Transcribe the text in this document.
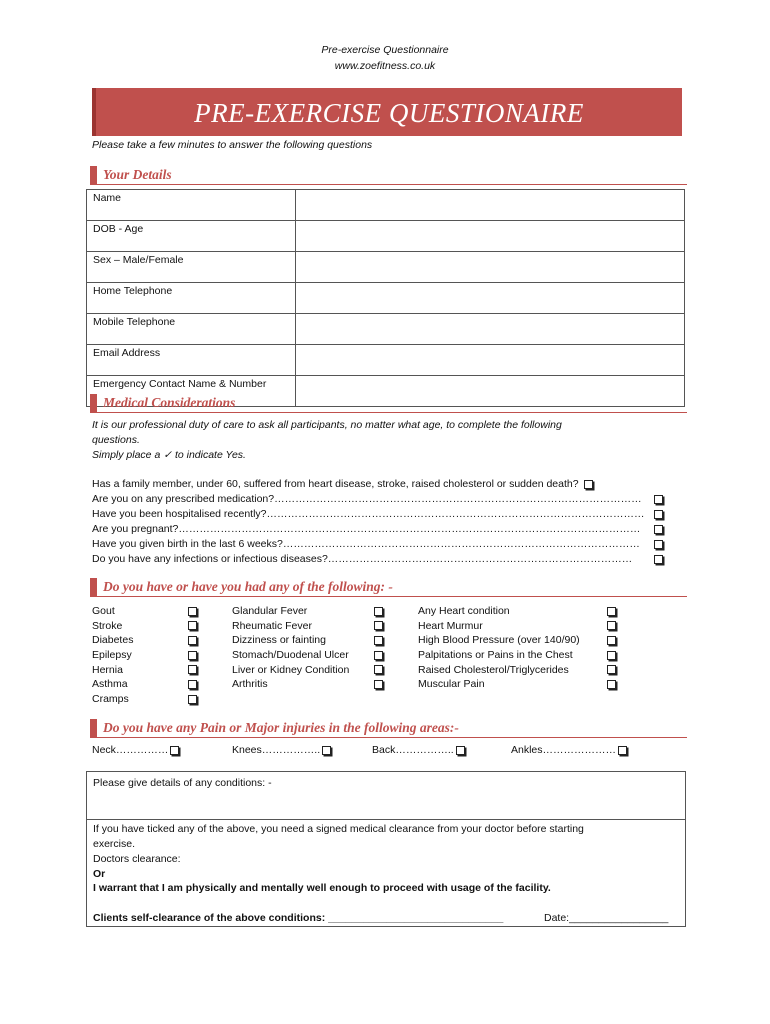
Pre-exercise Questionnaire
www.zoefitness.co.uk
PRE-EXERCISE QUESTIONAIRE
Please take a few minutes to answer the following questions
Your Details
Name	
DOB - Age	
Sex – Male/Female	
Home Telephone	
Mobile Telephone	
Email Address	
Emergency Contact Name & Number	
Medical Considerations
It is our professional duty of care to ask all participants, no matter what age, to complete the following
questions.
Simply place a ✓ to indicate Yes.
Has a family member, under 60, suffered from heart disease, stroke, raised cholesterol or sudden death?
Are you on any prescribed medication?……………………………………………………………………………………………
Have you been hospitalised recently?………………………………………………………………………………………………
Are you pregnant?……………………………………………………………………………………………………………………
Have you given birth in the last 6 weeks?…………………………………………………………………………………………
Do you have any infections or infectious diseases?……………………………………………………………………………
Do you have or have you had any of the following: -
Gout
Stroke
Diabetes
Epilepsy
Hernia
Asthma
Cramps
Glandular Fever
Rheumatic Fever
Dizziness or fainting
Stomach/Duodenal Ulcer
Liver or Kidney Condition
Arthritis
Any Heart condition
Heart Murmur
High Blood Pressure (over 140/90)
Palpitations or Pains in the Chest
Raised Cholesterol/Triglycerides
Muscular Pain
Do you have any Pain or Major injuries in the following areas:-
Neck……………	Knees……………..	Back……………..	Ankles…………………
Please give details of any conditions: -
If you have ticked any of the above, you need a signed medical clearance from your doctor before starting
exercise.
Doctors clearance:
Or
I warrant that I am physically and mentally well enough to proceed with usage of the facility.
Clients self-clearance of the above conditions: ______________________________	Date:_________________
